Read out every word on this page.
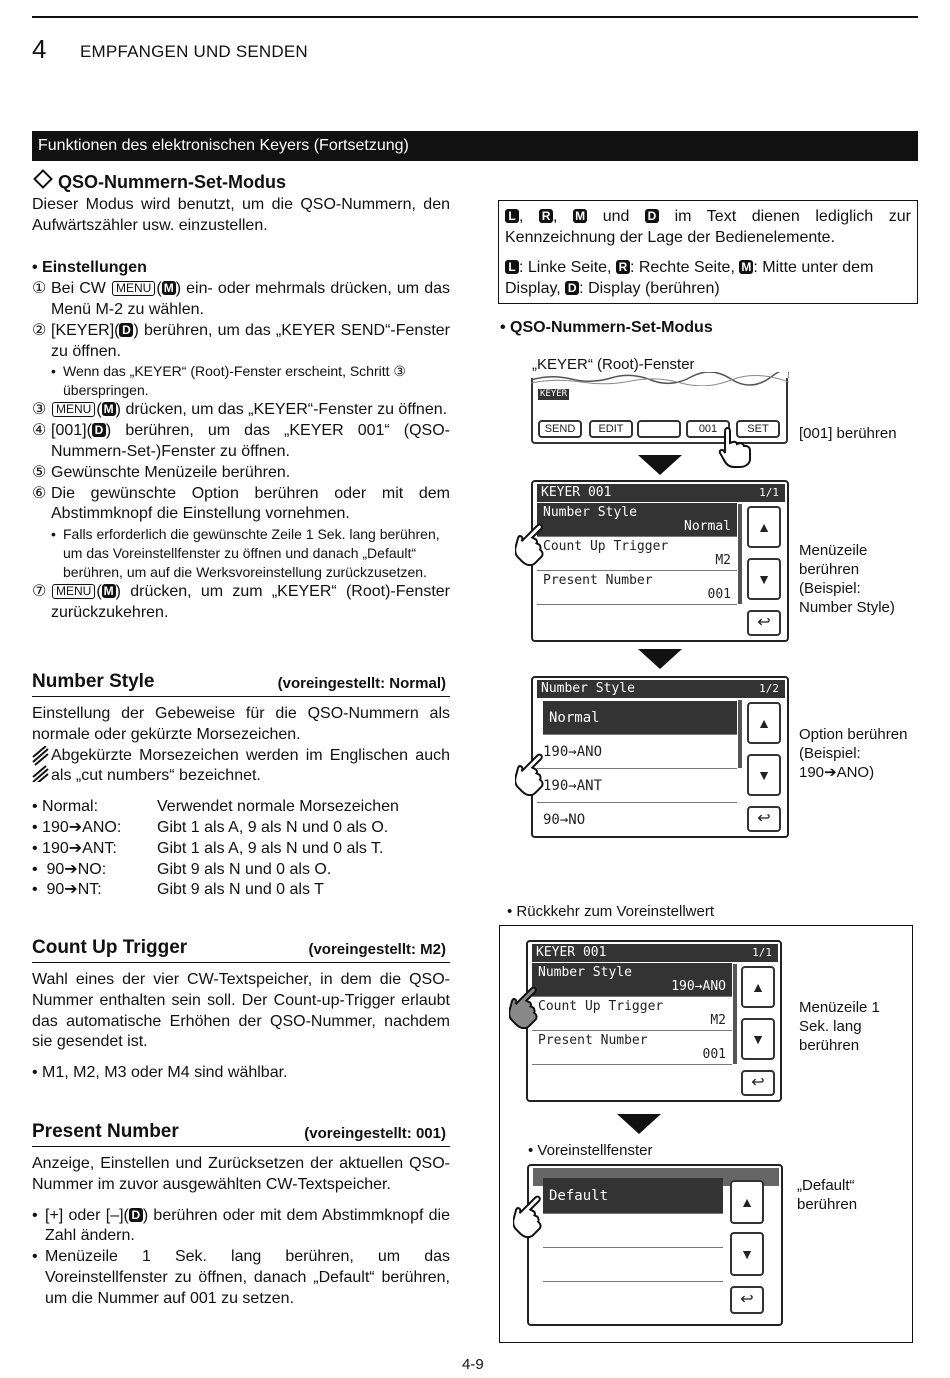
4 EMPFANGEN UND SENDEN
Funktionen des elektronischen Keyers (Fortsetzung)

QSO-Nummern-Set-Modus

Dieser Modus wird benutzt, um die QSO-Nummern, den Aufwärtszähler usw. einzustellen.

• Einstellungen

① Bei CW MENU ( M ) ein- oder mehrmals drücken, um das Menü M-2 zu wählen.
② [KEYER]( D ) berühren, um das „KEYER SEND“-Fenster zu öffnen.
• Wenn das „KEYER“ (Root)-Fenster erscheint, Schritt ③ überspringen.
③ MENU ( M ) drücken, um das „KEYER“-Fenster zu öffnen.
④ [001]( D ) berühren, um das „KEYER 001“ (QSO-Nummern-Set-)Fenster zu öffnen.
⑤ Gewünschte Menüzeile berühren.
⑥ Die gewünschte Option berühren oder mit dem Abstimmknopf die Einstellung vornehmen.
• Falls erforderlich die gewünschte Zeile 1 Sek. lang berühren, um das Voreinstellfenster zu öffnen und danach „Default“ berühren, um auf die Werksvoreinstellung zurückzusetzen.
⑦ MENU ( M ) drücken, um zum „KEYER“ (Root)-Fenster zurückzukehren.
Number Style	(voreingestellt: Normal)

Einstellung der Gebeweise für die QSO-Nummern als normale oder gekürzte Morsezeichen.

Abgekürzte Morsezeichen werden im Englischen auch als „cut numbers“ bezeichnet.
• Normal:	Verwendet normale Morsezeichen
• 190➔ANO:	Gibt 1 als A, 9 als N und 0 als O.
• 190➔ANT:	Gibt 1 als A, 9 als N und 0 als T.
•  90➔NO:	Gibt 9 als N und 0 als O.
•  90➔NT:	Gibt 9 als N und 0 als T
Count Up Trigger	(voreingestellt: M2)

Wahl eines der vier CW-Textspeicher, in dem die QSO-Nummer enthalten sein soll. Der Count-up-Trigger erlaubt das automatische Erhöhen der QSO-Nummer, nachdem sie gesendet ist.

• M1, M2, M3 oder M4 sind wählbar.

Present Number	(voreingestellt: 001)

Anzeige, Einstellen und Zurücksetzen der aktuellen QSO-Nummer im zuvor ausgewählten CW-Textspeicher.

• [+] oder [–]( D ) berühren oder mit dem Abstimmknopf die Zahl ändern.
• Menüzeile 1 Sek. lang berühren, um das Voreinstellfenster zu öffnen, danach „Default“ berühren, um die Nummer auf 001 zu setzen.

L , R , M und D im Text dienen lediglich zur Kennzeichnung der Lage der Bedienelemente.

L : Linke Seite, R : Rechte Seite, M : Mitte unter dem Display, D : Display (berühren)

• QSO-Nummern-Set-Modus
„KEYER“ (Root)-Fenster
KEYER
SEND	EDIT	001	SET	[001] berühren
KEYER 001	1/1
Number Style
Normal
Count Up Trigger
M2
Present Number
001
▲
▼
↩
Menüzeile berühren (Beispiel: Number Style)
Number Style	1/2
Normal
190→ANO
190→ANT
90→NO
▲
▼
↩
Option berühren (Beispiel: 190➔ANO)
• Rückkehr zum Voreinstellwert
KEYER 001	1/1
Number Style
190→ANO
Count Up Trigger
M2
Present Number
001
▲
▼
↩
Menüzeile 1 Sek. lang berühren
• Voreinstellfenster
Default	▲
▼
↩
„Default“ berühren
4-9
